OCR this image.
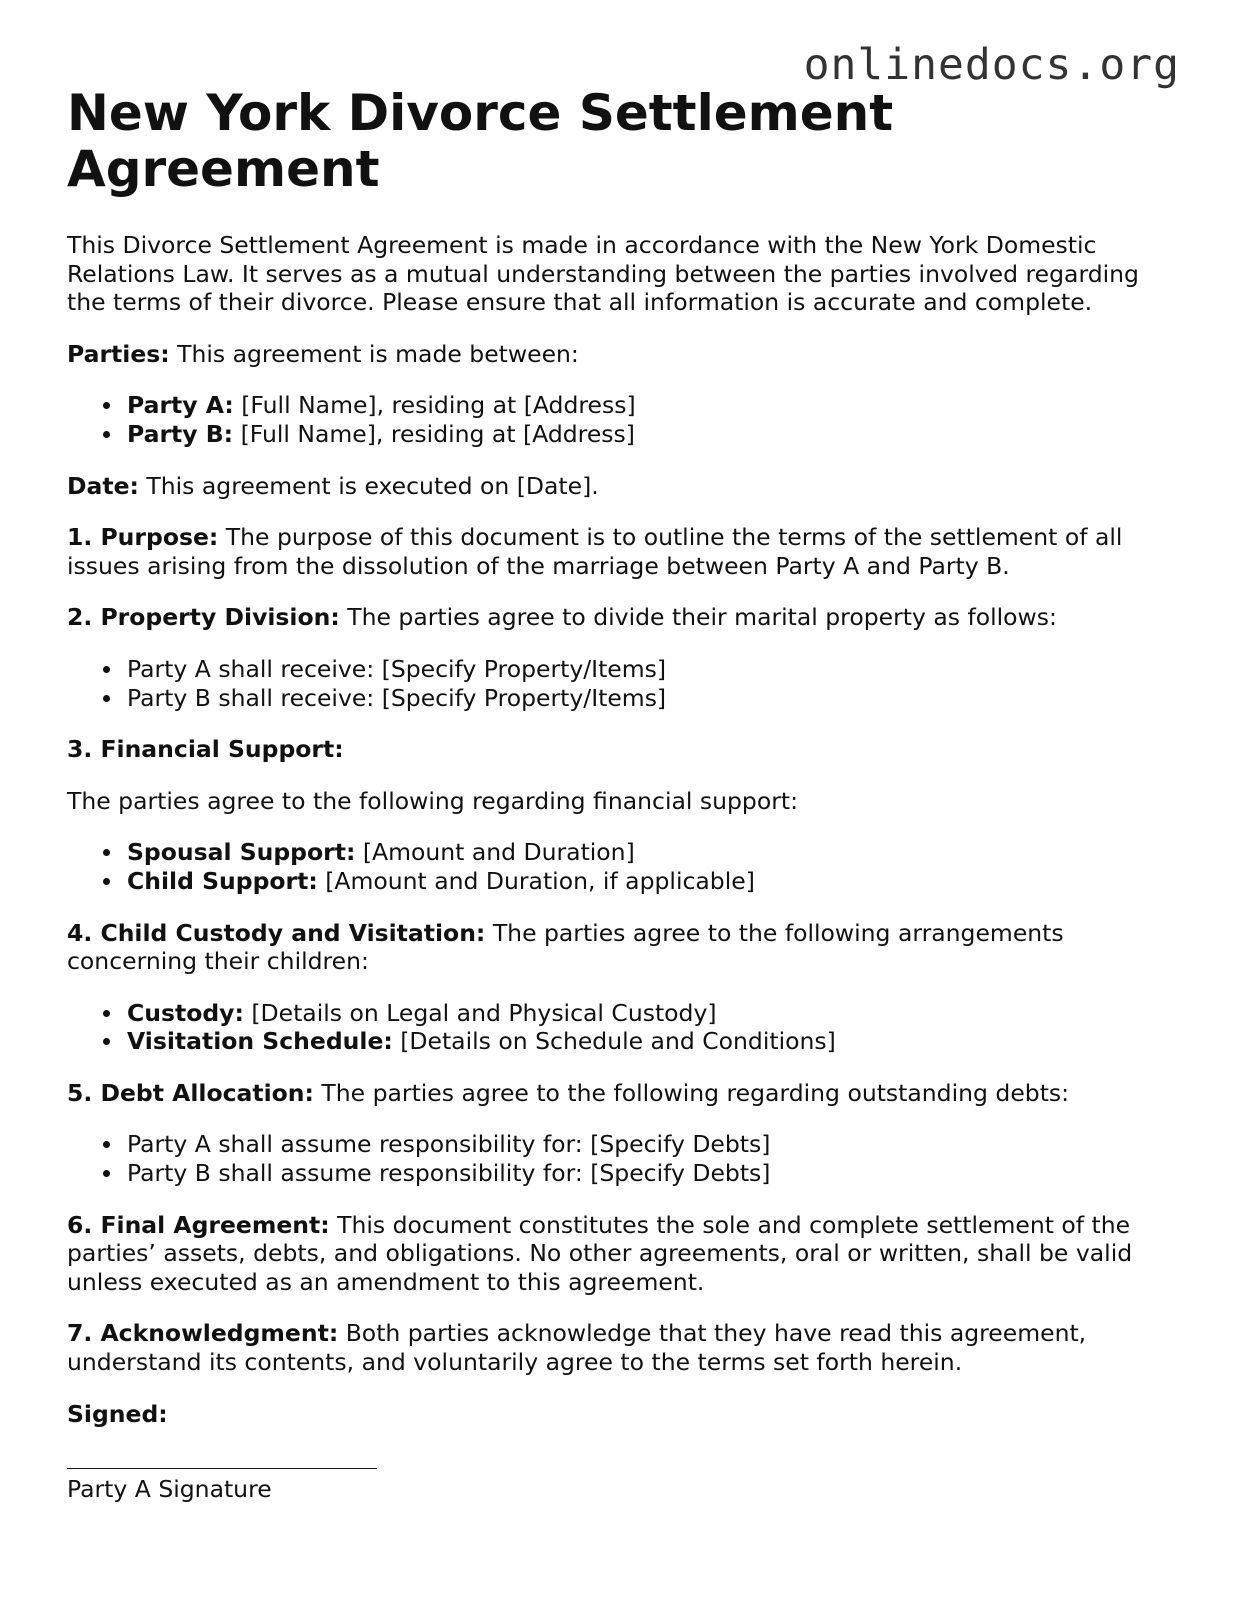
onlinedocs.org
New York Divorce Settlement Agreement

This Divorce Settlement Agreement is made in accordance with the New York Domestic Relations Law. It serves as a mutual understanding between the parties involved regarding the terms of their divorce. Please ensure that all information is accurate and complete.

Parties: This agreement is made between:

Party A: [Full Name], residing at [Address]
Party B: [Full Name], residing at [Address]

Date: This agreement is executed on [Date].

1. Purpose: The purpose of this document is to outline the terms of the settlement of all issues arising from the dissolution of the marriage between Party A and Party B.

2. Property Division: The parties agree to divide their marital property as follows:

Party A shall receive: [Specify Property/Items]
Party B shall receive: [Specify Property/Items]

3. Financial Support:

The parties agree to the following regarding financial support:

Spousal Support: [Amount and Duration]
Child Support: [Amount and Duration, if applicable]

4. Child Custody and Visitation: The parties agree to the following arrangements concerning their children:

Custody: [Details on Legal and Physical Custody]
Visitation Schedule: [Details on Schedule and Conditions]

5. Debt Allocation: The parties agree to the following regarding outstanding debts:

Party A shall assume responsibility for: [Specify Debts]
Party B shall assume responsibility for: [Specify Debts]

6. Final Agreement: This document constitutes the sole and complete settlement of the parties’ assets, debts, and obligations. No other agreements, oral or written, shall be valid unless executed as an amendment to this agreement.

7. Acknowledgment: Both parties acknowledge that they have read this agreement, understand its contents, and voluntarily agree to the terms set forth herein.

Signed:

Party A Signature
